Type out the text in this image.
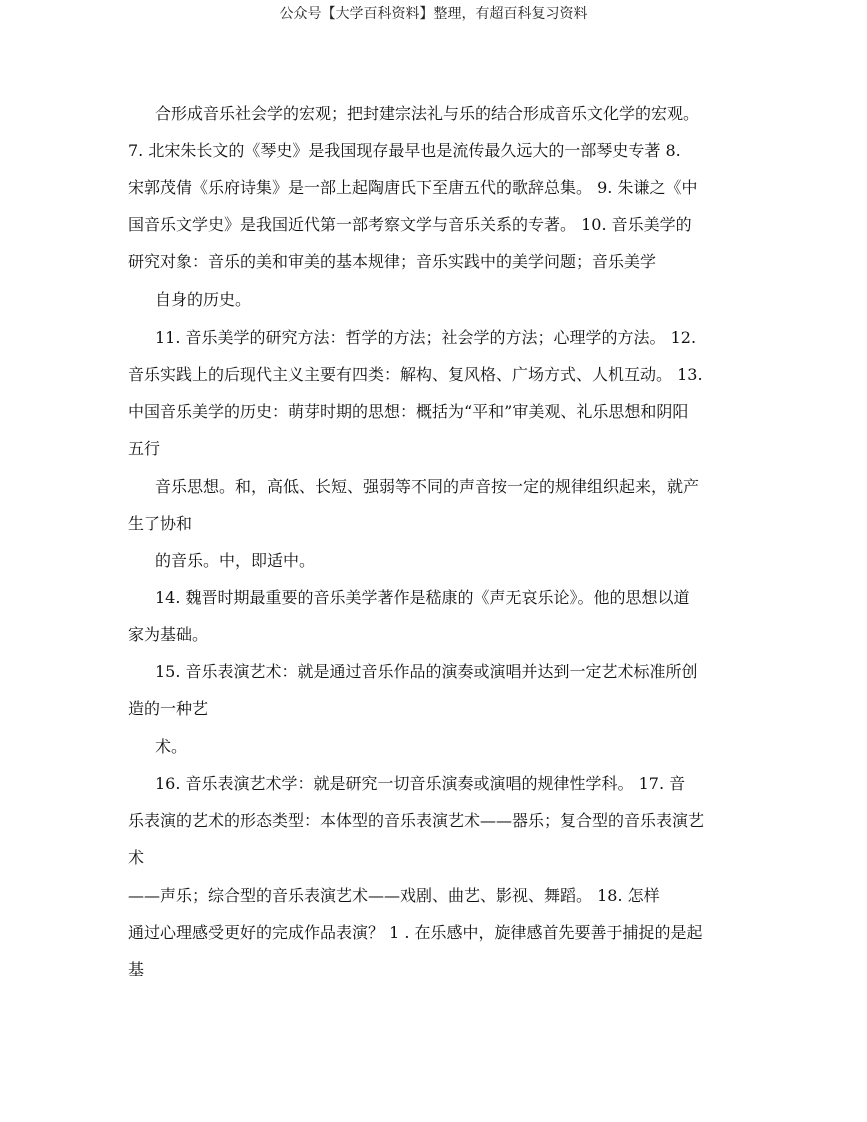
公众号【大学百科资料】整理，有超百科复习资料
合形成音乐社会学的宏观；把封建宗法礼与乐的结合形成音乐文化学的宏观。
7. 北宋朱长文的《琴史》是我国现存最早也是流传最久远大的一部琴史专著 8.
宋郭茂倩《乐府诗集》是一部上起陶唐氏下至唐五代的歌辞总集。 9. 朱谦之《中
国音乐文学史》是我国近代第一部考察文学与音乐关系的专著。 10. 音乐美学的
研究对象：音乐的美和审美的基本规律；音乐实践中的美学问题；音乐美学
自身的历史。
11. 音乐美学的研究方法：哲学的方法；社会学的方法；心理学的方法。 12.
音乐实践上的后现代主义主要有四类：解构、复风格、广场方式、人机互动。 13.
中国音乐美学的历史：萌芽时期的思想：概括为“平和”审美观、礼乐思想和阴阳
五行
音乐思想。和，高低、长短、强弱等不同的声音按一定的规律组织起来，就产
生了协和
的音乐。中，即适中。
14. 魏晋时期最重要的音乐美学著作是嵇康的《声无哀乐论》。他的思想以道
家为基础。
15. 音乐表演艺术：就是通过音乐作品的演奏或演唱并达到一定艺术标准所创
造的一种艺
术。
16. 音乐表演艺术学：就是研究一切音乐演奏或演唱的规律性学科。 17. 音
乐表演的艺术的形态类型：本体型的音乐表演艺术——器乐；复合型的音乐表演艺
术
——声乐；综合型的音乐表演艺术——戏剧、曲艺、影视、舞蹈。 18. 怎样
通过心理感受更好的完成作品表演？ 1 . 在乐感中，旋律感首先要善于捕捉的是起
基
